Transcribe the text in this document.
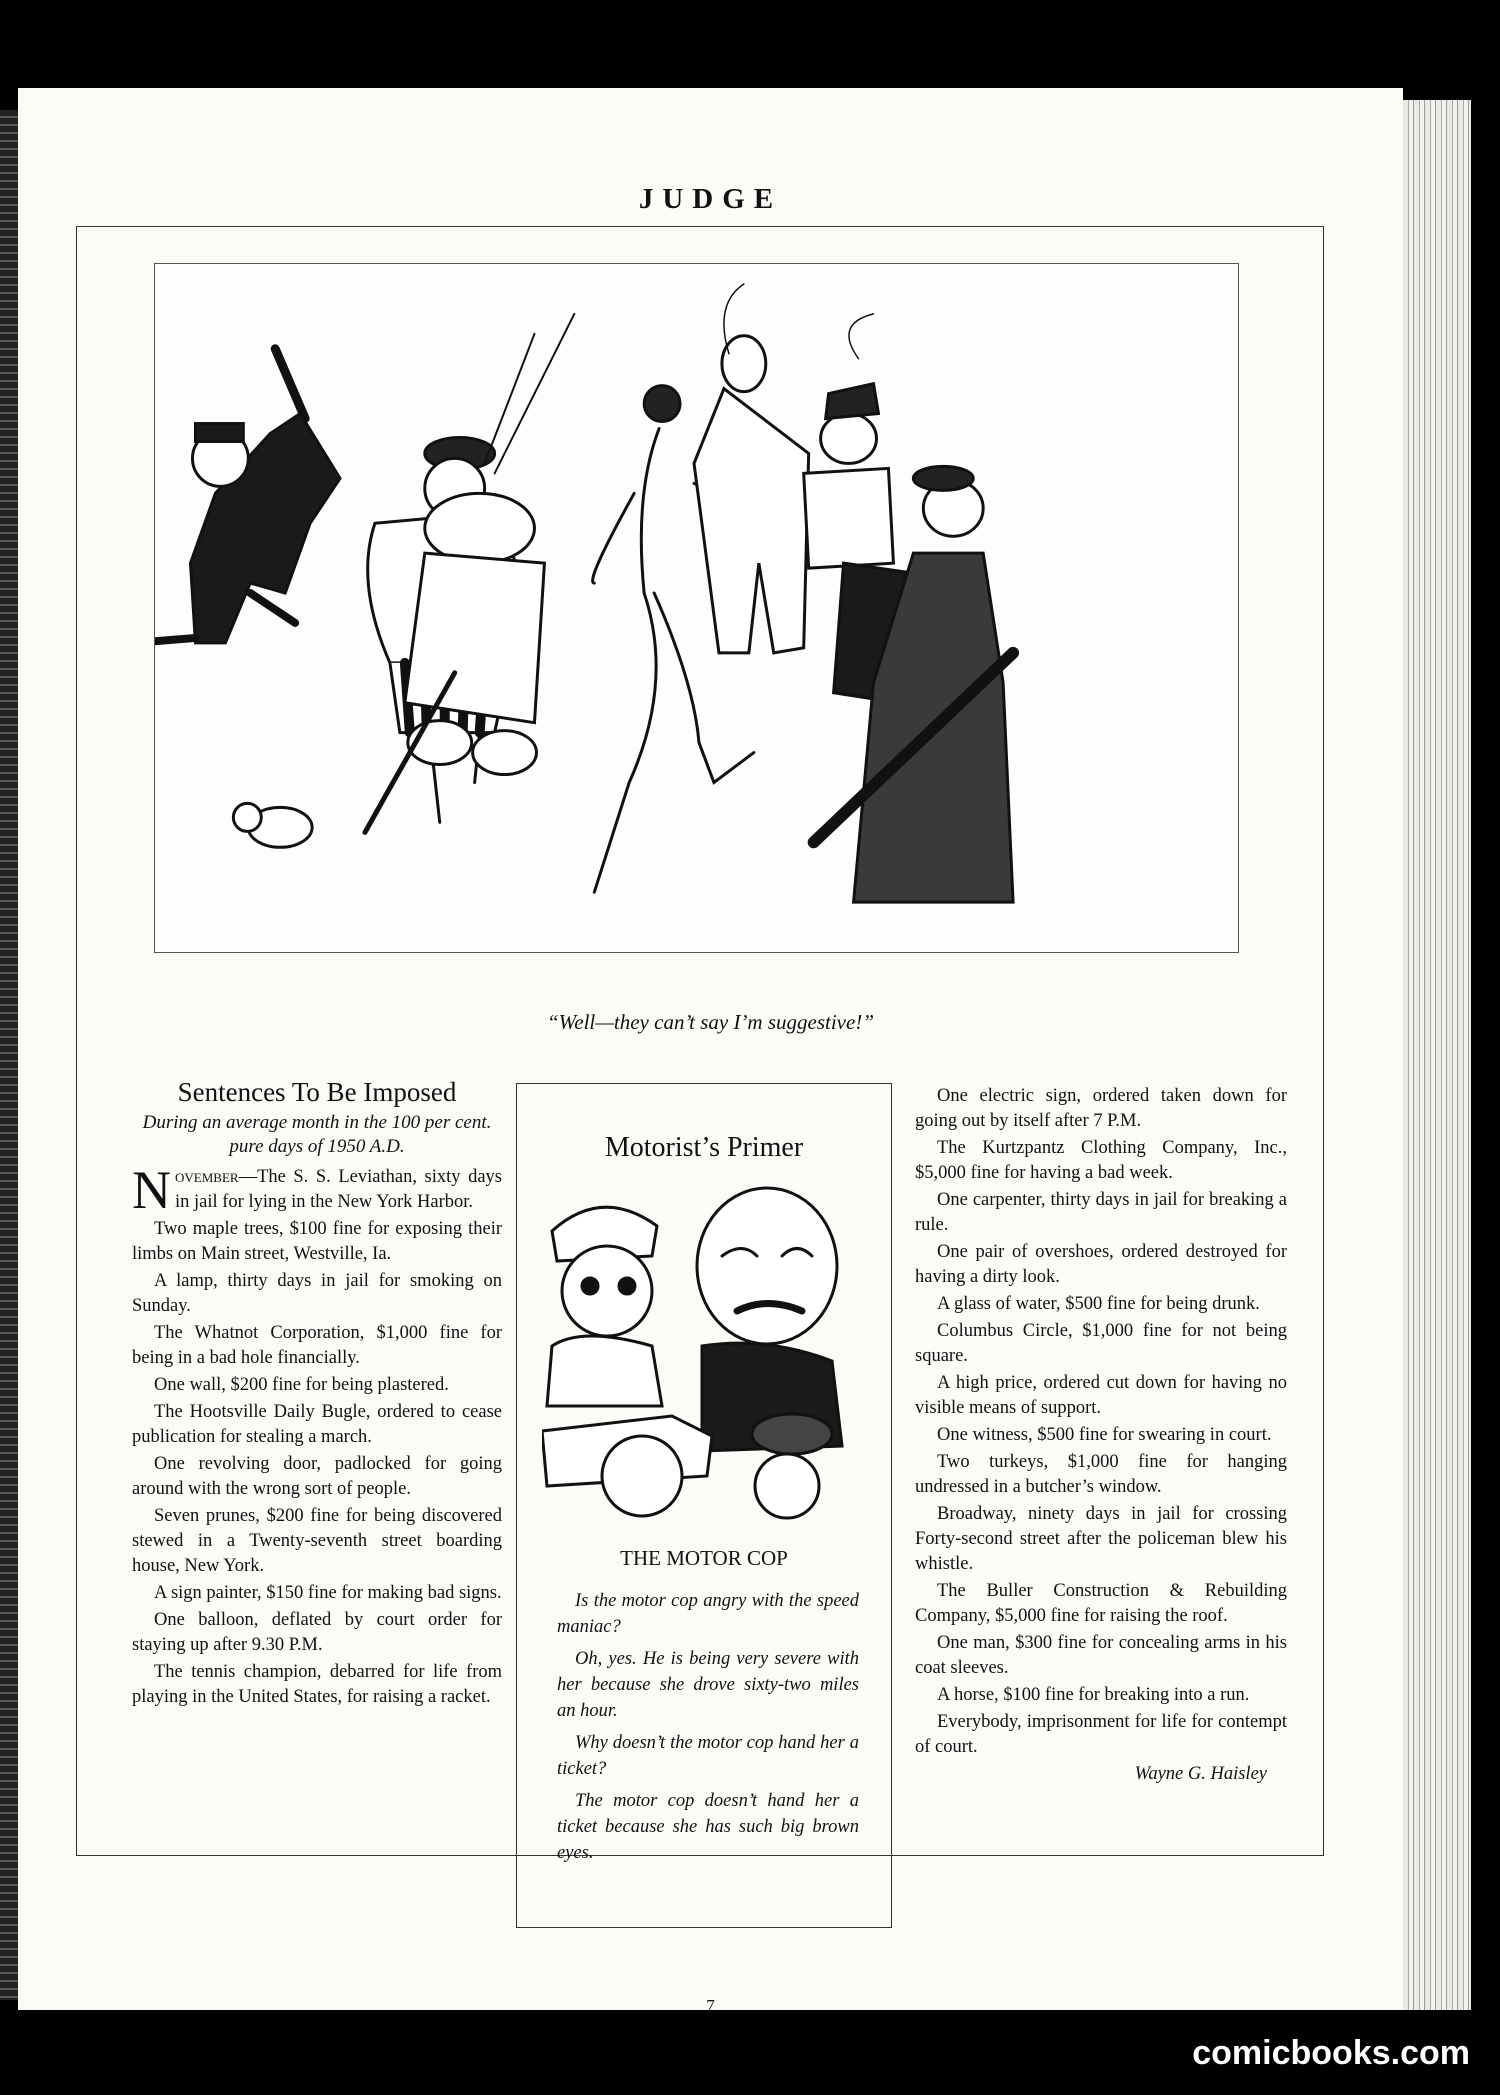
JUDGE
“Well—they can’t say I’m suggestive!”
Sentences To Be Imposed
During an average month in the 100 per cent. pure days of 1950 A.D.

November—The S. S. Leviathan, sixty days in jail for lying in the New York Harbor.

Two maple trees, $100 fine for exposing their limbs on Main street, Westville, Ia.

A lamp, thirty days in jail for smoking on Sunday.

The Whatnot Corporation, $1,000 fine for being in a bad hole financially.

One wall, $200 fine for being plastered.

The Hootsville Daily Bugle, ordered to cease publication for stealing a march.

One revolving door, padlocked for going around with the wrong sort of people.

Seven prunes, $200 fine for being discovered stewed in a Twenty-seventh street boarding house, New York.

A sign painter, $150 fine for making bad signs.

One balloon, deflated by court order for staying up after 9.30 P.M.

The tennis champion, debarred for life from playing in the United States, for raising a racket.

Motorist’s Primer
THE MOTOR COP

Is the motor cop angry with the speed maniac?

Oh, yes. He is being very severe with her because she drove sixty-two miles an hour.

Why doesn’t the motor cop hand her a ticket?

The motor cop doesn’t hand her a ticket because she has such big brown eyes.

One electric sign, ordered taken down for going out by itself after 7 P.M.

The Kurtzpantz Clothing Company, Inc., $5,000 fine for having a bad week.

One carpenter, thirty days in jail for breaking a rule.

One pair of overshoes, ordered destroyed for having a dirty look.

A glass of water, $500 fine for being drunk.

Columbus Circle, $1,000 fine for not being square.

A high price, ordered cut down for having no visible means of support.

One witness, $500 fine for swearing in court.

Two turkeys, $1,000 fine for hanging undressed in a butcher’s window.

Broadway, ninety days in jail for crossing Forty-second street after the policeman blew his whistle.

The Buller Construction & Rebuilding Company, $5,000 fine for raising the roof.

One man, $300 fine for concealing arms in his coat sleeves.

A horse, $100 fine for breaking into a run.

Everybody, imprisonment for life for contempt of court.

Wayne G. Haisley
7
comicbooks.com
